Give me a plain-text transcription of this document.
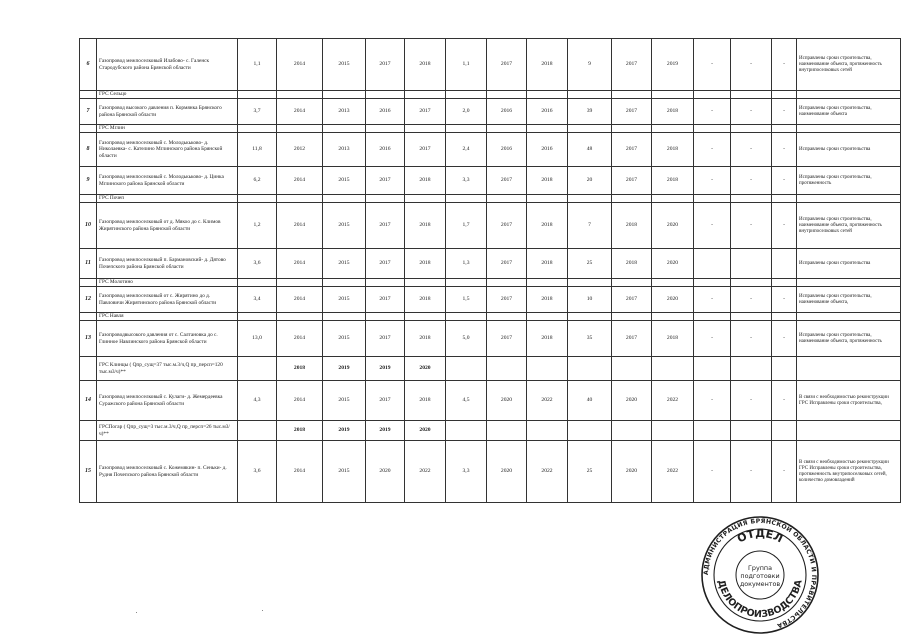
6	Газопровод межпоселковый Илабово- с. Галенск Стародубского района Брянской области	1,1	2014	2015	2017	2018	1,1	2017	2018	9	2017	2019	-	-	-	Исправлены сроки строительства, наименование объекта, протяженность внутрипоселковых сетей
	ГРС Сельцо															
7	Газопровод высокого давления п. Кормянка Брянского района Брянской области	3,7	2014	2013	2016	2017	2,0	2016	2016	39	2017	2018	-	-	-	Исправлены сроки строительства, наименование объекта
	ГРС Мглин															
8	Газопровод межпоселковый с. Молодькьково- д. Николаевка- с. Кателино Мглинского района Брянской области	11,8	2012	2013	2016	2017	2,4	2016	2016	48	2017	2018	-	-	-	Исправлены сроки строительства
9	Газопровод межпоселковый с. Молодькьково- д. Цинка Мглинского района Брянской области	6,2	2014	2015	2017	2018	3,3	2017	2018	20	2017	2018	-	-	-	Исправлены сроки строительства, протяженность
	ГРС Почеп															
10	Газопровод межпоселковый от д. Мякоо до с. Климов Жирятинского района Брянской области	1,2	2014	2015	2017	2018	1,7	2017	2018	7	2018	2020	-	-	-	Исправлены сроки строительства, наименование объекта, протяженность внутрипоселковых сетей
11	Газопровод межпоселковый п. Бармановский- д. Дятово Почепского района Брянской области	3,6	2014	2015	2017	2018	1,3	2017	2018	25	2018	2020				Исправлены сроки строительства
	ГРС Молотино															
12	Газопровод межпоселковый от с. Жирятино до д. Павловичи Жирятинского района Брянской области	3,4	2014	2015	2017	2018	1,5	2017	2018	10	2017	2020	-	-	-	Исправлены сроки строительства, наименование объекта,
	ГРС Навля															
13	Газопроводвысокого давления от с. Салтановка до с. Глинное Навлинского района Брянской области	13,0	2014	2015	2017	2018	5,0	2017	2018	35	2017	2018	-	-	-	Исправлены сроки строительства, наименование объекта, протяженность
	ГРС Клинцы ( Qпр_сущ=37 тыс.м.3/ч,Q пр_персп=120 тыс.м3/ч)**		2018	2019	2019	2020										
14	Газопровод межпоселковый с. Кулаги- д. Жемердеевка Суражского района Брянской области	4,3	2014	2015	2017	2018	4,5	2020	2022	40	2020	2022	-	-	-	В связи с необходимостью реконструкции ГРС Исправлены сроки строительства,
	ГРСПогар ( Qпр_сущ=3 тыс.м.3/ч,Q пр_персп=26 тыс.м3/ч)**		2018	2019	2019	2020										
15	Газопровод межпоселковый с. Кожемякин- п. Сеньки- д. Рудня Почепского района Брянской области	3,6	2014	2015	2020	2022	3,3	2020	2022	25	2020	2022	-	-	-	В связи с необходимостью реконструкции ГРС Исправлены сроки строительства, протяженность внутрипоселковых сетей, количество домовладений
АДМИНИСТРАЦИЯ БРЯНСКОЙ ОБЛАСТИ И ПРАВИТЕЛЬСТВА
ОТДЕЛ
ДЕЛОПРОИЗВОДСТВА
Группа
подготовки
документов
